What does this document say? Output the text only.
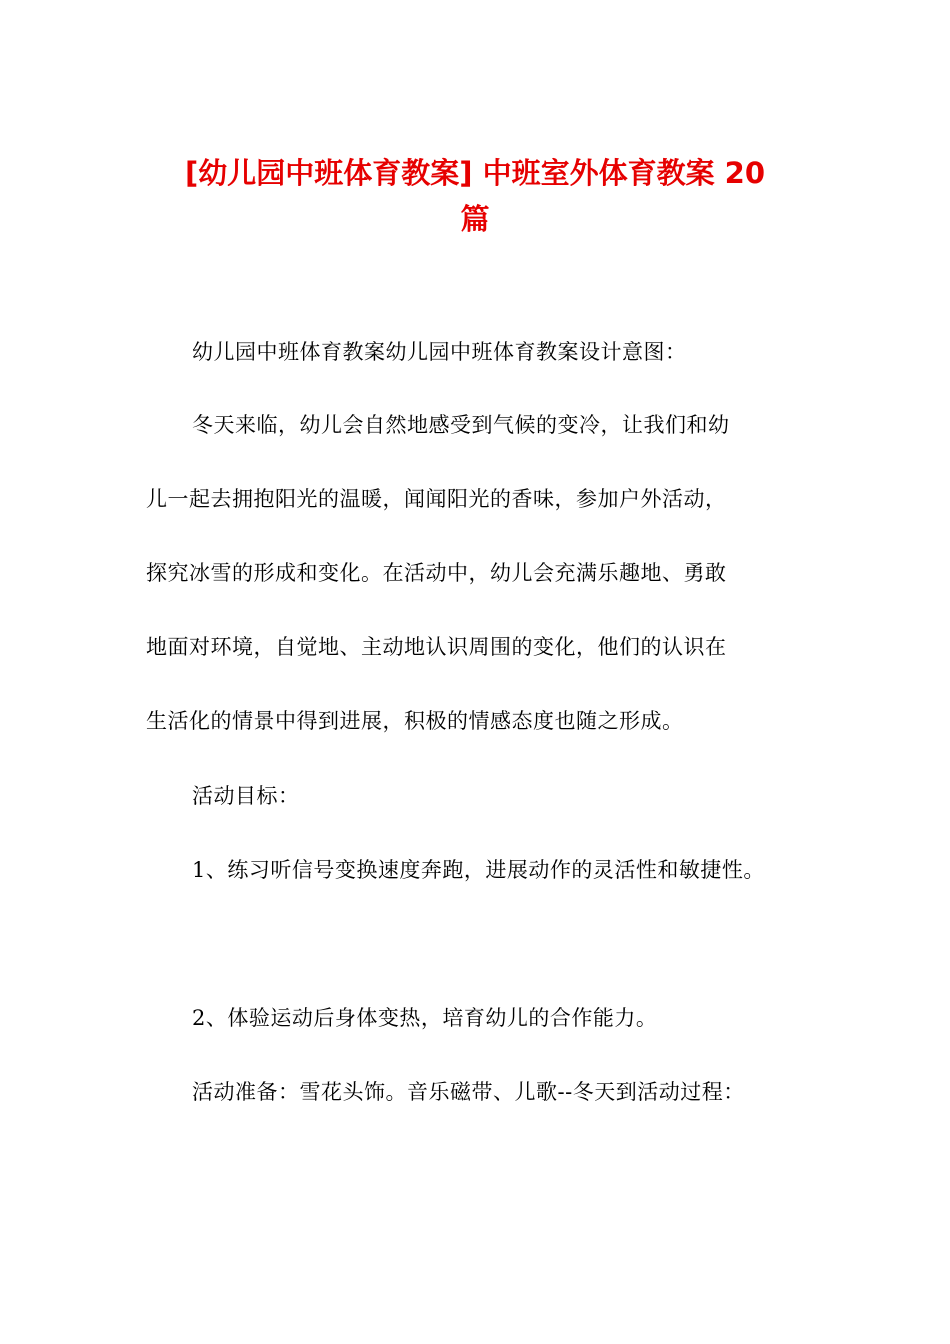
[幼儿园中班体育教案] 中班室外体育教案 20
篇

幼儿园中班体育教案幼儿园中班体育教案设计意图：

冬天来临，幼儿会自然地感受到气候的变冷，让我们和幼

儿一起去拥抱阳光的温暖，闻闻阳光的香味，参加户外活动，

探究冰雪的形成和变化。在活动中，幼儿会充满乐趣地、勇敢

地面对环境，自觉地、主动地认识周围的变化，他们的认识在

生活化的情景中得到进展，积极的情感态度也随之形成。

活动目标：

1、练习听信号变换速度奔跑，进展动作的灵活性和敏捷性。

2、体验运动后身体变热，培育幼儿的合作能力。

活动准备：雪花头饰。音乐磁带、儿歌--冬天到活动过程：
